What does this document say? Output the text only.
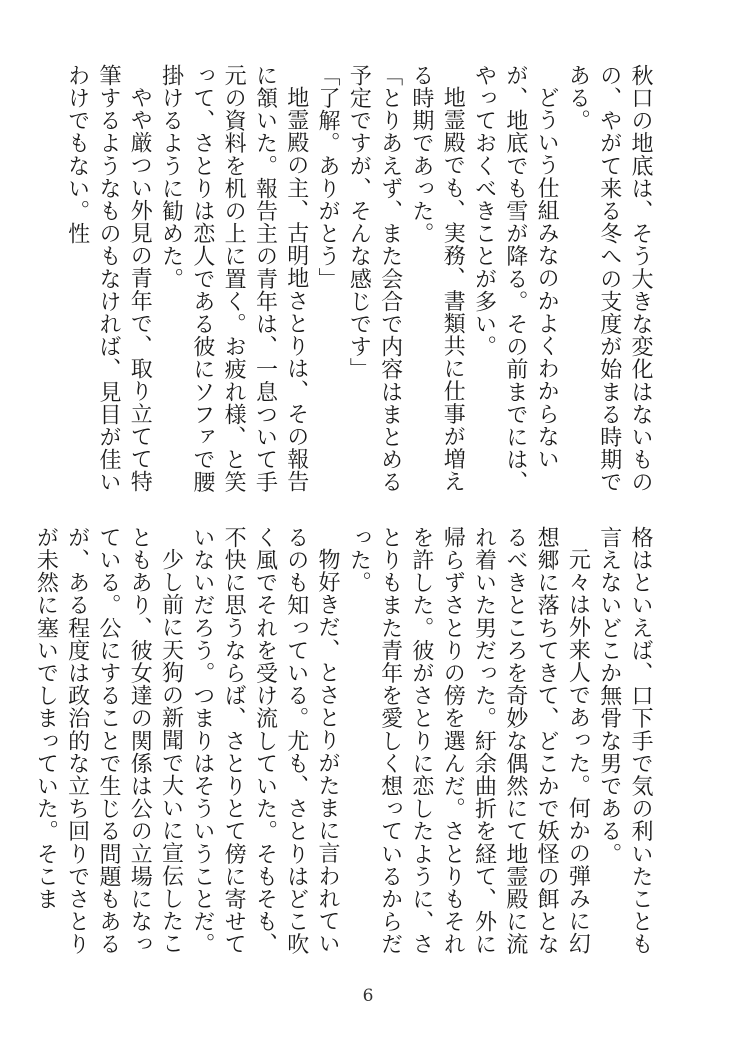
秋口の地底は、そう大きな変化はないものの、やがて来る冬への支度が始まる時期である。
どういう仕組みなのかよくわからないが、地底でも雪が降る。その前までには、やっておくべきことが多い。
地霊殿でも、実務、書類共に仕事が増える時期であった。
「とりあえず、また会合で内容はまとめる予定ですが、そんな感じです」
「了解。ありがとう」
地霊殿の主、古明地さとりは、その報告に頷いた。報告主の青年は、一息ついて手元の資料を机の上に置く。お疲れ様、と笑って、さとりは恋人である彼にソファで腰掛けるように勧めた。
やや厳つい外見の青年で、取り立てて特筆するようなものもなければ、見目が佳いわけでもない。性
格はといえば、口下手で気の利いたことも言えないどこか無骨な男である。
元々は外来人であった。何かの弾みに幻想郷に落ちてきて、どこかで妖怪の餌となるべきところを奇妙な偶然にて地霊殿に流れ着いた男だった。紆余曲折を経て、外に帰らずさとりの傍を選んだ。さとりもそれを許した。彼がさとりに恋したように、さとりもまた青年を愛しく想っているからだった。
物好きだ、とさとりがたまに言われているのも知っている。尤も、さとりはどこ吹く風でそれを受け流していた。そもそも、不快に思うならば、さとりとて傍に寄せていないだろう。つまりはそういうことだ。
少し前に天狗の新聞で大いに宣伝したこともあり、彼女達の関係は公の立場になっている。公にすることで生じる問題もあるが、ある程度は政治的な立ち回りでさとりが未然に塞いでしまっていた。そこま
6
